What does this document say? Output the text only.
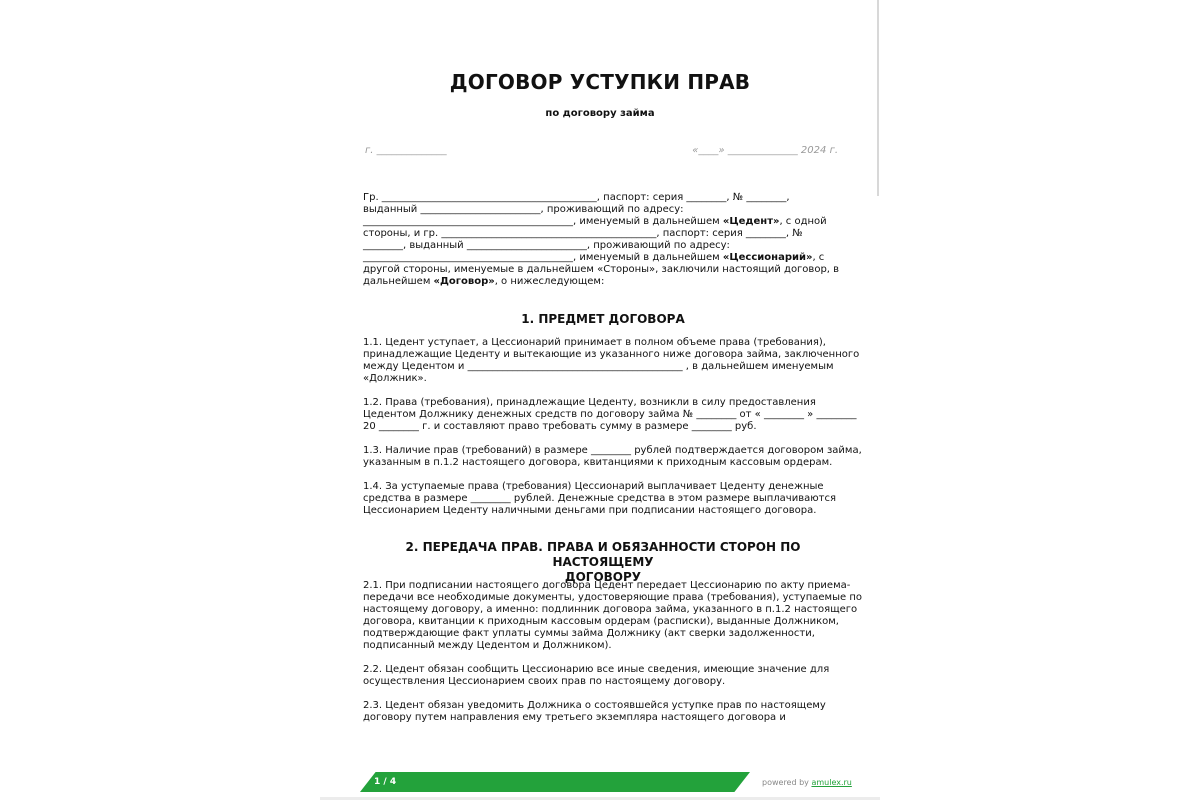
ДОГОВОР УСТУПКИ ПРАВ
по договору займа
г. ______________	«____» ______________ 2024 г.
Гр. ___________________________________________, паспорт: серия ________, № ________,
выданный ________________________, проживающий по адресу:
__________________________________________, именуемый в дальнейшем «Цедент», с одной
стороны, и гр. ___________________________________________, паспорт: серия ________, №
________, выданный ________________________, проживающий по адресу:
__________________________________________, именуемый в дальнейшем «Цессионарий», с
другой стороны, именуемые в дальнейшем «Стороны», заключили настоящий договор, в
дальнейшем «Договор», о нижеследующем:
1. ПРЕДМЕТ ДОГОВОРА
1.1. Цедент уступает, а Цессионарий принимает в полном объеме права (требования),
принадлежащие Цеденту и вытекающие из указанного ниже договора займа, заключенного
между Цедентом и ___________________________________________ , в дальнейшем именуемым
«Должник».
1.2. Права (требования), принадлежащие Цеденту, возникли в силу предоставления
Цедентом Должнику денежных средств по договору займа № ________ от « ________ » ________
20 ________ г. и составляют право требовать сумму в размере ________ руб.
1.3. Наличие прав (требований) в размере ________ рублей подтверждается договором займа,
указанным в п.1.2 настоящего договора, квитанциями к приходным кассовым ордерам.
1.4. За уступаемые права (требования) Цессионарий выплачивает Цеденту денежные
средства в размере ________ рублей. Денежные средства в этом размере выплачиваются
Цессионарием Цеденту наличными деньгами при подписании настоящего договора.
2. ПЕРЕДАЧА ПРАВ. ПРАВА И ОБЯЗАННОСТИ СТОРОН ПО НАСТОЯЩЕМУ
ДОГОВОРУ
2.1. При подписании настоящего договора Цедент передает Цессионарию по акту приема-
передачи все необходимые документы, удостоверяющие права (требования), уступаемые по
настоящему договору, а именно: подлинник договора займа, указанного в п.1.2 настоящего
договора, квитанции к приходным кассовым ордерам (расписки), выданные Должником,
подтверждающие факт уплаты суммы займа Должнику (акт сверки задолженности,
подписанный между Цедентом и Должником).
2.2. Цедент обязан сообщить Цессионарию все иные сведения, имеющие значение для
осуществления Цессионарием своих прав по настоящему договору.
2.3. Цедент обязан уведомить Должника о состоявшейся уступке прав по настоящему
договору путем направления ему третьего экземпляра настоящего договора и
1 / 4	powered by amulex.ru
